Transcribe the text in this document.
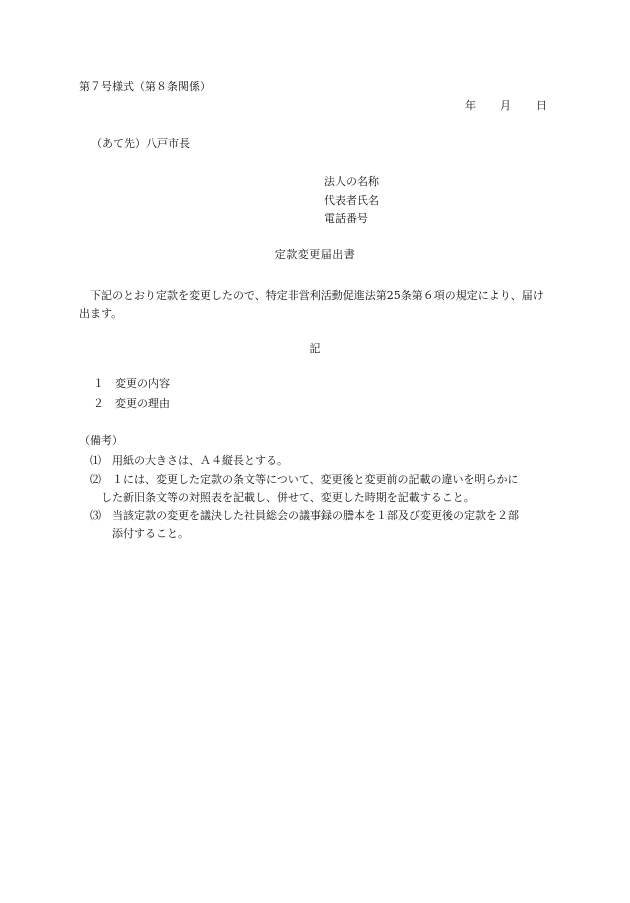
第７号様式（第８条関係）
年 月 日
（あて先）八戸市長
法人の名称
代表者氏名
電話番号
定款変更届出書
下記のとおり定款を変更したので、特定非営利活動促進法第25条第６項の規定により、届け出ます。
記
１ 変更の内容
２ 変更の理由
（備考）
⑴ 用紙の大きさは、Ａ４縦長とする。
⑵ １には、変更した定款の条文等について、変更後と変更前の記載の違いを明らかに
した新旧条文等の対照表を記載し、併せて、変更した時期を記載すること。
⑶ 当該定款の変更を議決した社員総会の議事録の謄本を１部及び変更後の定款を２部
添付すること。
